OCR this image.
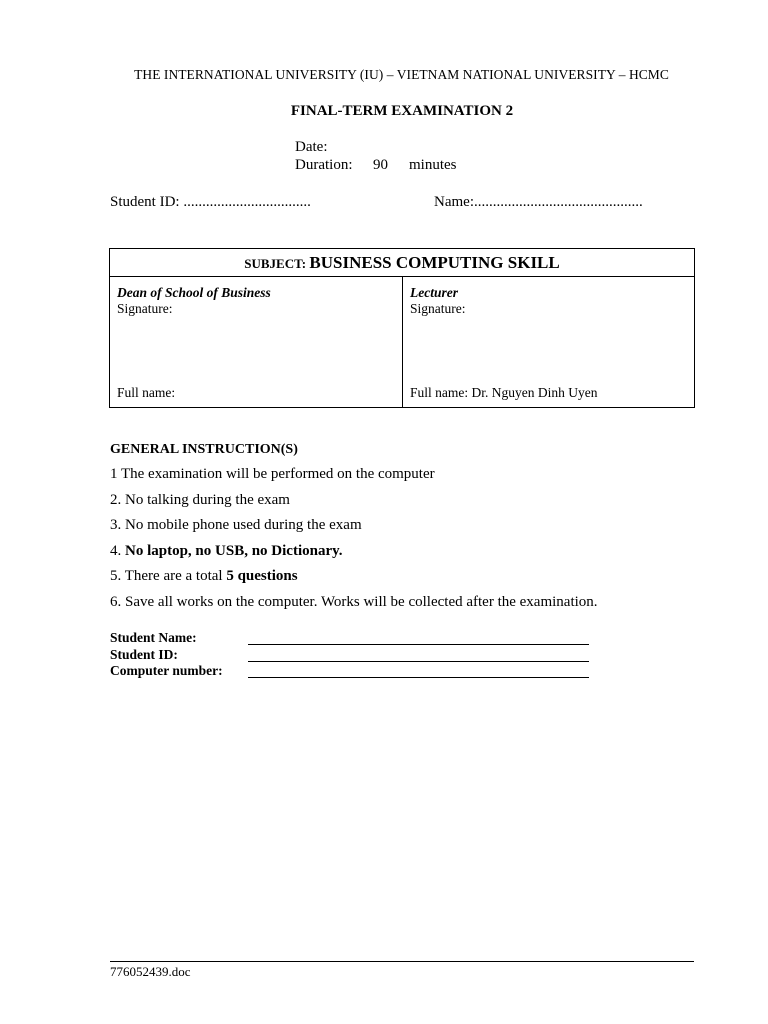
THE INTERNATIONAL UNIVERSITY (IU) – VIETNAM NATIONAL UNIVERSITY – HCMC
FINAL-TERM EXAMINATION 2
Date:
Duration: 90 minutes
Student ID: ..................................	Name:.............................................
SUBJECT: BUSINESS COMPUTING SKILL
Dean of School of Business
Signature:
Full name:
Lecturer
Signature:
Full name: Dr. Nguyen Dinh Uyen
GENERAL INSTRUCTION(S)
1 The examination will be performed on the computer
2. No talking during the exam
3. No mobile phone used during the exam
4. No laptop, no USB, no Dictionary.
5. There are a total 5 questions
6. Save all works on the computer. Works will be collected after the examination.
Student Name:
Student ID:
Computer number:
776052439.doc
